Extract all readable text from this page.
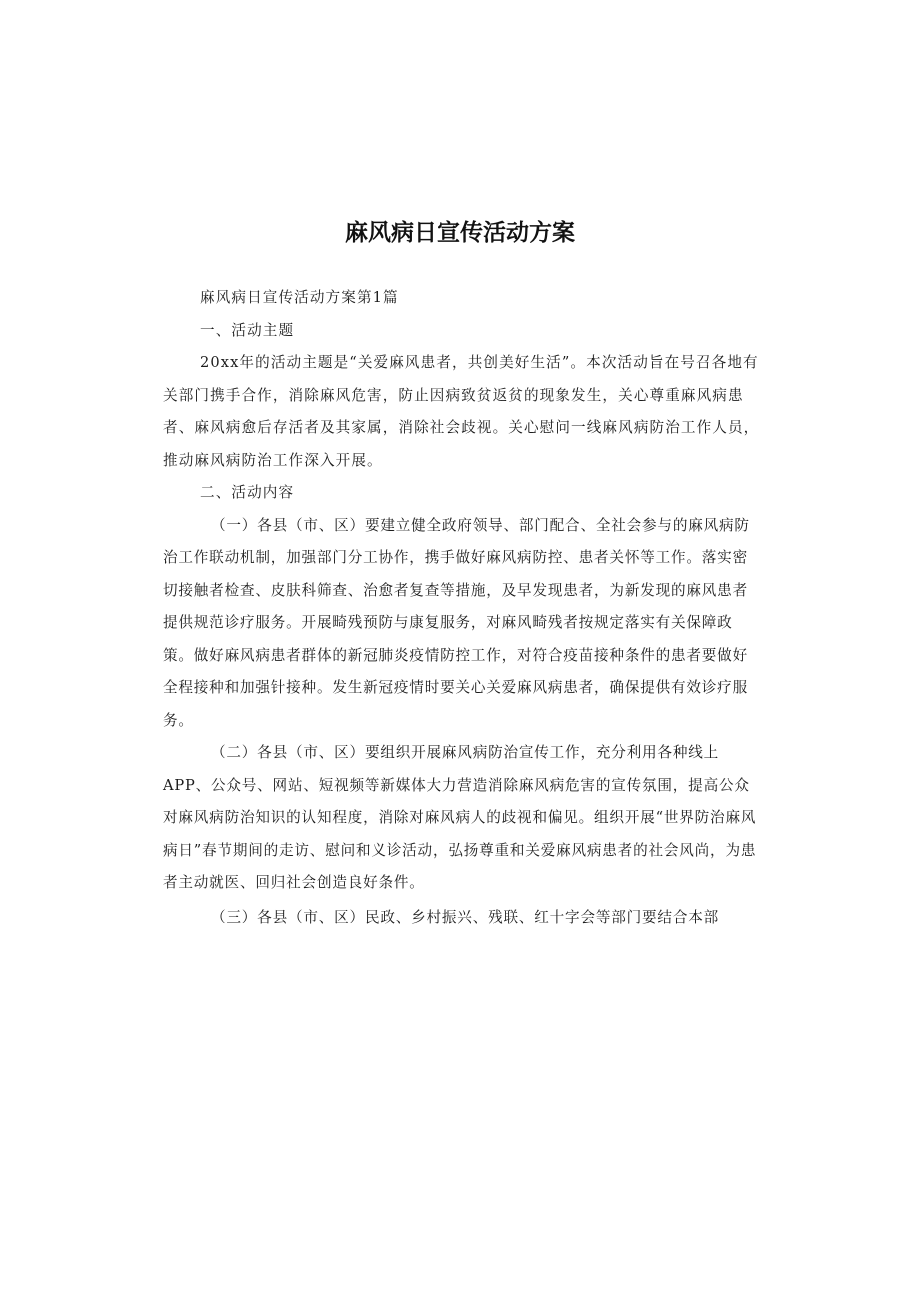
麻风病日宣传活动方案

麻风病日宣传活动方案第1篇

一、活动主题

20xx年的活动主题是“关爱麻风患者，共创美好生活”。本次活动旨在号召各地有关部门携手合作，消除麻风危害，防止因病致贫返贫的现象发生，关心尊重麻风病患者、麻风病愈后存活者及其家属，消除社会歧视。关心慰问一线麻风病防治工作人员，推动麻风病防治工作深入开展。

二、活动内容

（一）各县（市、区）要建立健全政府领导、部门配合、全社会参与的麻风病防治工作联动机制，加强部门分工协作，携手做好麻风病防控、患者关怀等工作。落实密切接触者检查、皮肤科筛查、治愈者复查等措施，及早发现患者，为新发现的麻风患者提供规范诊疗服务。开展畸残预防与康复服务，对麻风畸残者按规定落实有关保障政策。做好麻风病患者群体的新冠肺炎疫情防控工作，对符合疫苗接种条件的患者要做好全程接种和加强针接种。发生新冠疫情时要关心关爱麻风病患者，确保提供有效诊疗服务。

（二）各县（市、区）要组织开展麻风病防治宣传工作，充分利用各种线上APP、公众号、网站、短视频等新媒体大力营造消除麻风病危害的宣传氛围，提高公众对麻风病防治知识的认知程度，消除对麻风病人的歧视和偏见。组织开展“世界防治麻风病日”春节期间的走访、慰问和义诊活动，弘扬尊重和关爱麻风病患者的社会风尚，为患者主动就医、回归社会创造良好条件。

（三）各县（市、区）民政、乡村振兴、残联、红十字会等部门要结合本部
